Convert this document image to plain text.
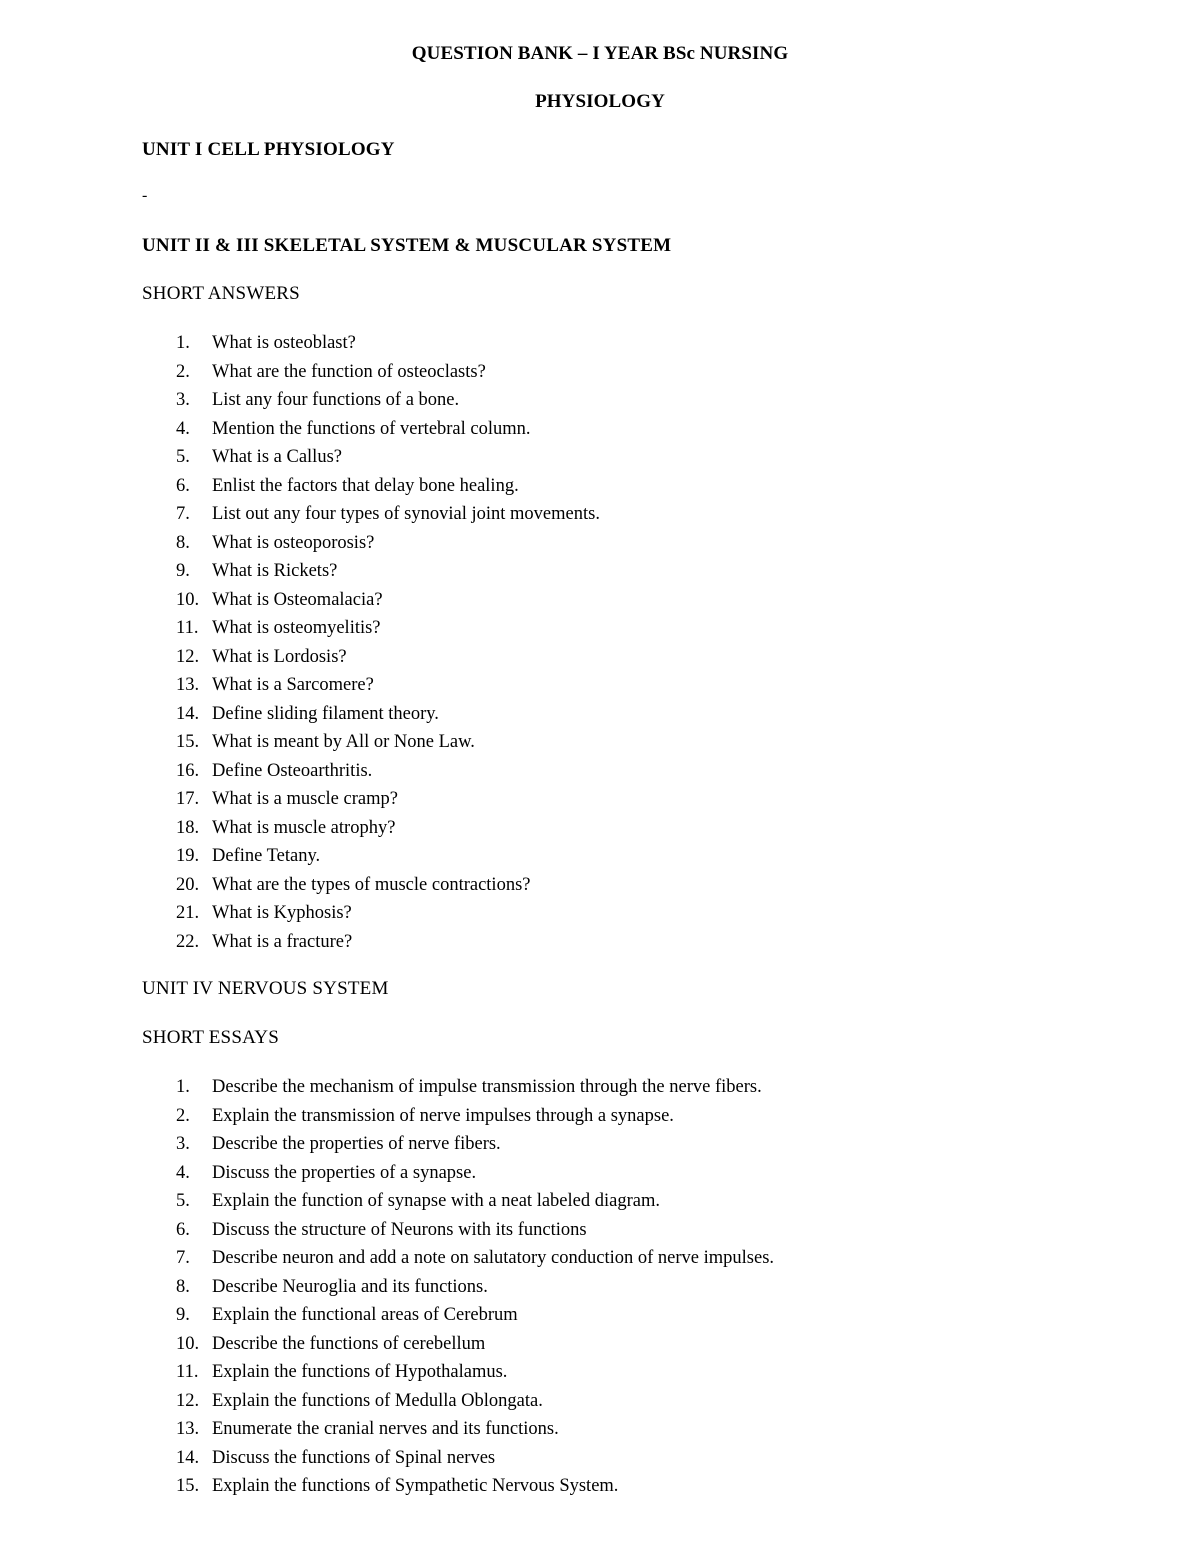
QUESTION BANK – I YEAR BSc NURSING
PHYSIOLOGY
UNIT I CELL PHYSIOLOGY
-
UNIT II & III SKELETAL SYSTEM & MUSCULAR SYSTEM
SHORT ANSWERS
1.	What is osteoblast?
2.	What are the function of osteoclasts?
3.	List any four functions of a bone.
4.	Mention the functions of vertebral column.
5.	What is a Callus?
6.	Enlist the factors that delay bone healing.
7.	List out any four types of synovial joint movements.
8.	What is osteoporosis?
9.	What is Rickets?
10. What is Osteomalacia?
11. What is osteomyelitis?
12. What is Lordosis?
13. What is a Sarcomere?
14. Define sliding filament theory.
15. What is meant by All or None Law.
16. Define Osteoarthritis.
17. What is a muscle cramp?
18. What is muscle atrophy?
19. Define Tetany.
20. What are the types of muscle contractions?
21. What is Kyphosis?
22. What is a fracture?
UNIT IV NERVOUS SYSTEM
SHORT ESSAYS
1.	Describe the mechanism of impulse transmission through the nerve fibers.
2.	Explain the transmission of nerve impulses through a synapse.
3.	Describe the properties of nerve fibers.
4.	Discuss the properties of a synapse.
5.	Explain the function of synapse with a neat labeled diagram.
6.	Discuss the structure of Neurons with its functions
7.	Describe neuron and add a note on salutatory conduction of nerve impulses.
8.	Describe Neuroglia and its functions.
9.	Explain the functional areas of Cerebrum
10. Describe the functions of cerebellum
11. Explain the functions of Hypothalamus.
12. Explain the functions of Medulla Oblongata.
13. Enumerate the cranial nerves and its functions.
14. Discuss the functions of Spinal nerves
15. Explain the functions of Sympathetic Nervous System.
